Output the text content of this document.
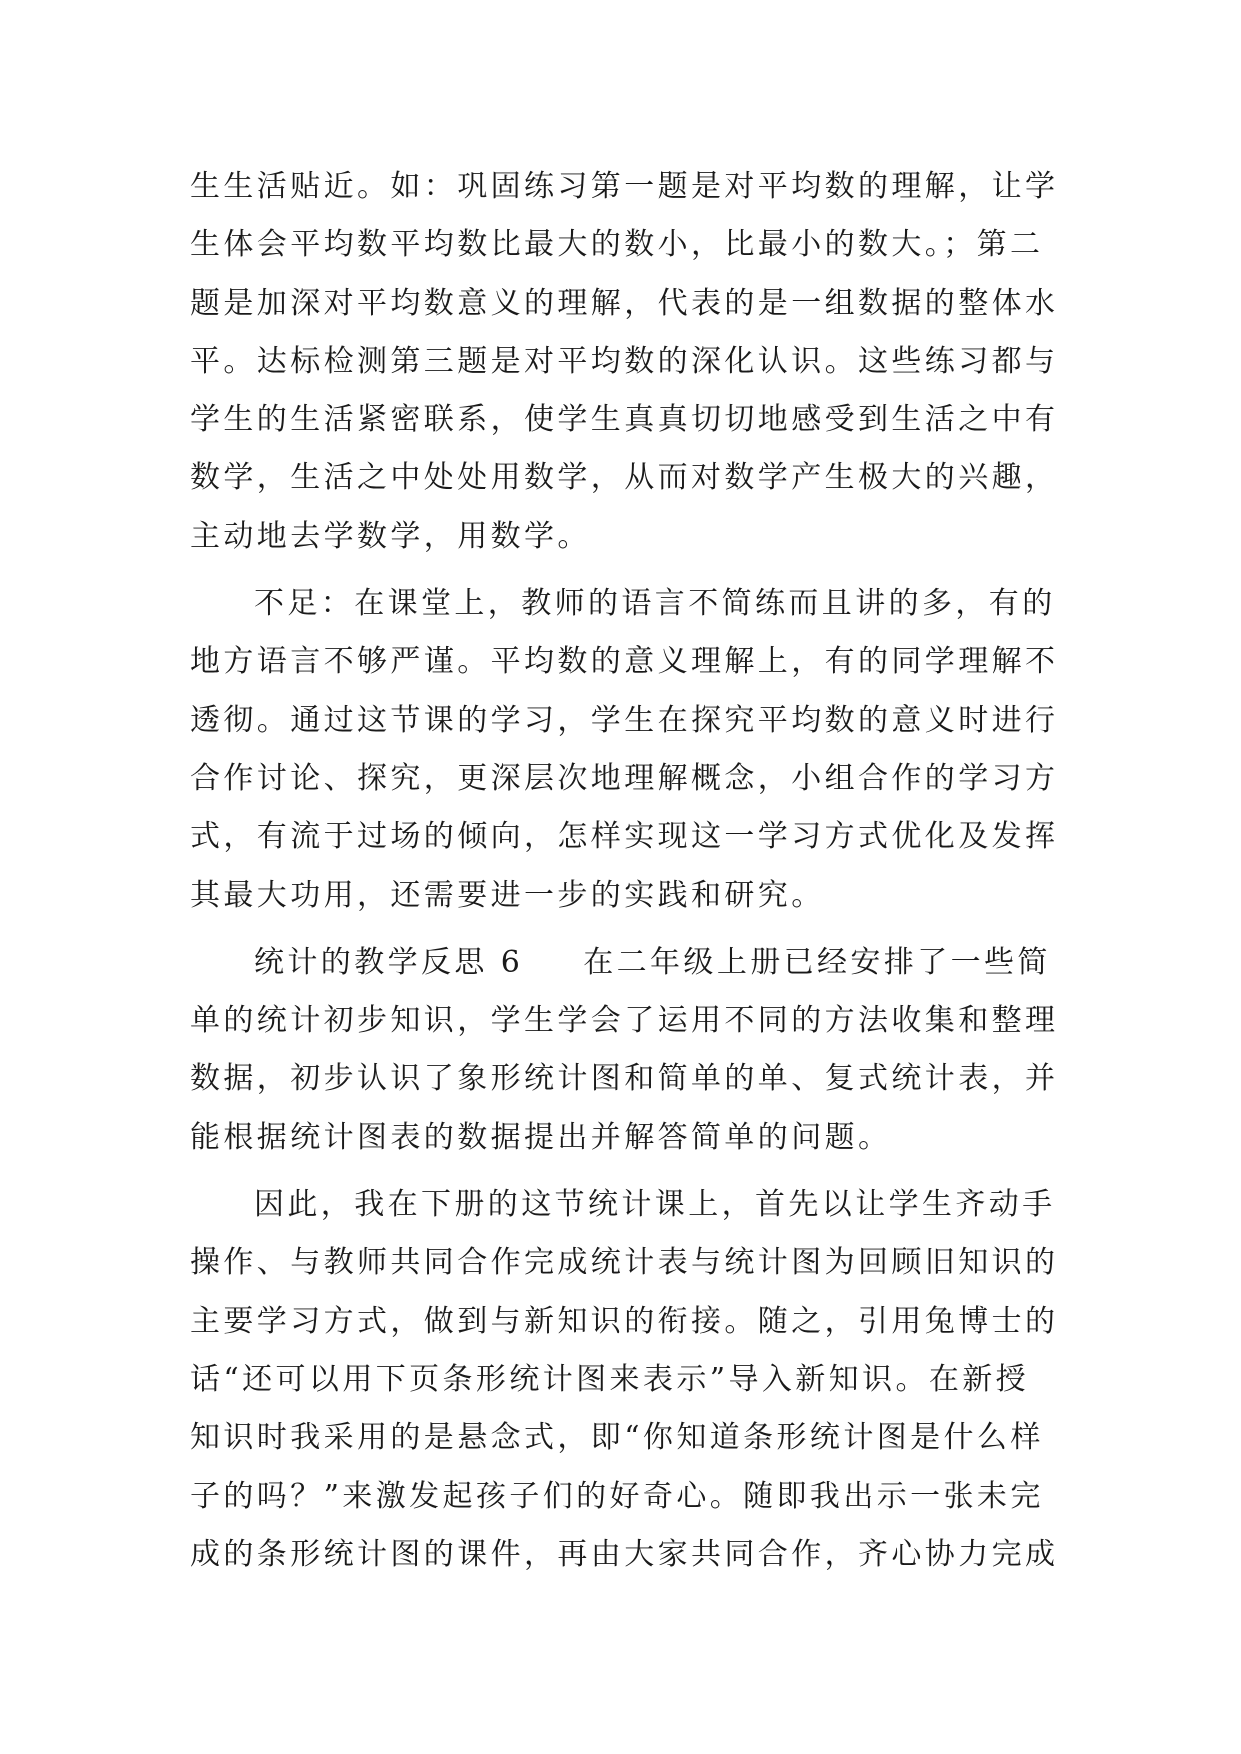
生生活贴近。如：巩固练习第一题是对平均数的理解，让学
生体会平均数平均数比最大的数小，比最小的数大。；第二
题是加深对平均数意义的理解，代表的是一组数据的整体水
平。达标检测第三题是对平均数的深化认识。这些练习都与
学生的生活紧密联系，使学生真真切切地感受到生活之中有
数学，生活之中处处用数学，从而对数学产生极大的兴趣，
主动地去学数学，用数学。
不足：在课堂上，教师的语言不简练而且讲的多，有的
地方语言不够严谨。平均数的意义理解上，有的同学理解不
透彻。通过这节课的学习，学生在探究平均数的意义时进行
合作讨论、探究，更深层次地理解概念，小组合作的学习方
式，有流于过场的倾向，怎样实现这一学习方式优化及发挥
其最大功用，还需要进一步的实践和研究。
统计的教学反思 6 在二年级上册已经安排了一些简
单的统计初步知识，学生学会了运用不同的方法收集和整理
数据，初步认识了象形统计图和简单的单、复式统计表，并
能根据统计图表的数据提出并解答简单的问题。
因此，我在下册的这节统计课上，首先以让学生齐动手
操作、与教师共同合作完成统计表与统计图为回顾旧知识的
主要学习方式，做到与新知识的衔接。随之，引用兔博士的
话“还可以用下页条形统计图来表示”导入新知识。在新授
知识时我采用的是悬念式，即“你知道条形统计图是什么样
子的吗？”来激发起孩子们的好奇心。随即我出示一张未完
成的条形统计图的课件，再由大家共同合作，齐心协力完成
